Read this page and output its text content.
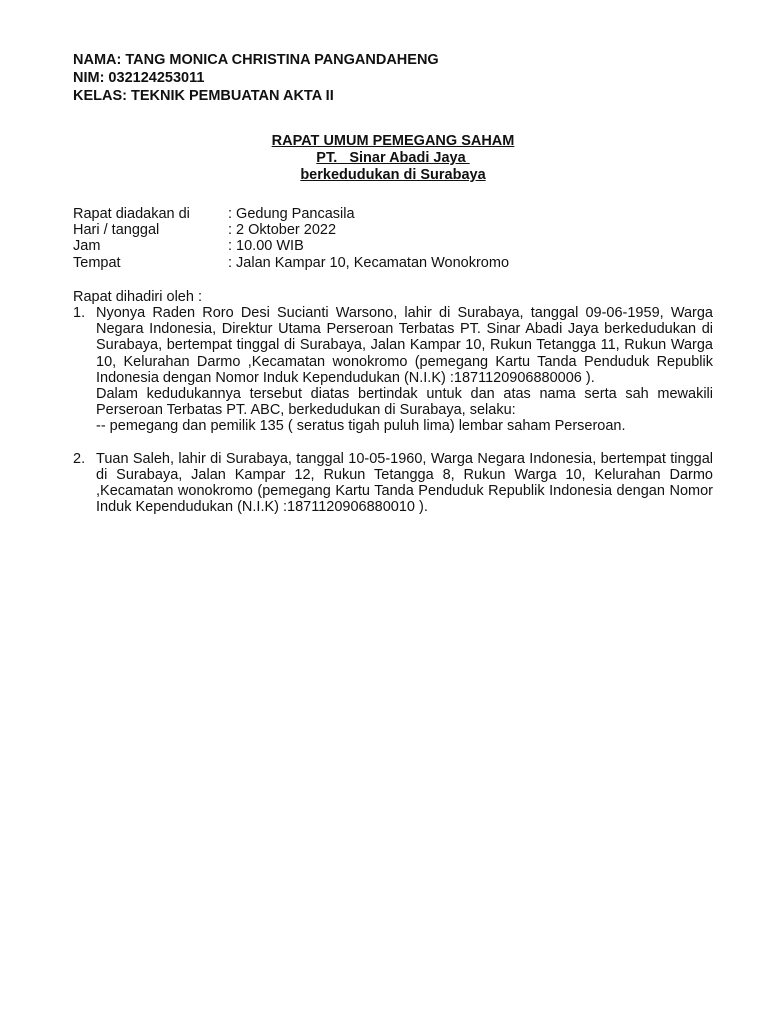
NAMA: TANG MONICA CHRISTINA PANGANDAHENG
NIM: 032124253011
KELAS: TEKNIK PEMBUATAN AKTA II
RAPAT UMUM PEMEGANG SAHAM
PT.   Sinar Abadi Jaya
berkedudukan di Surabaya
Rapat diadakan di	: Gedung Pancasila
Hari / tanggal	: 2 Oktober 2022
Jam	: 10.00 WIB
Tempat	: Jalan Kampar 10, Kecamatan Wonokromo

Rapat dihadiri oleh :

1. Nyonya Raden Roro Desi Sucianti Warsono, lahir di Surabaya, tanggal 09-06-1959, Warga Negara Indonesia, Direktur Utama Perseroan Terbatas PT. Sinar Abadi Jaya berkedudukan di Surabaya, bertempat tinggal di Surabaya, Jalan Kampar 10, Rukun Tetangga 11, Rukun Warga 10, Kelurahan Darmo ,Kecamatan wonokromo (pemegang Kartu Tanda Penduduk Republik Indonesia dengan Nomor Induk Kependudukan (N.I.K) :1871120906880006 ).

Dalam kedudukannya tersebut diatas bertindak untuk dan atas nama serta sah mewakili Perseroan Terbatas PT. ABC, berkedudukan di Surabaya, selaku:

-- pemegang dan pemilik 135 ( seratus tigah puluh lima) lembar saham Perseroan.

2. Tuan Saleh, lahir di Surabaya, tanggal 10-05-1960, Warga Negara Indonesia, bertempat tinggal di Surabaya, Jalan Kampar 12, Rukun Tetangga 8, Rukun Warga 10, Kelurahan Darmo ,Kecamatan wonokromo (pemegang Kartu Tanda Penduduk Republik Indonesia dengan Nomor Induk Kependudukan (N.I.K) :1871120906880010 ).
